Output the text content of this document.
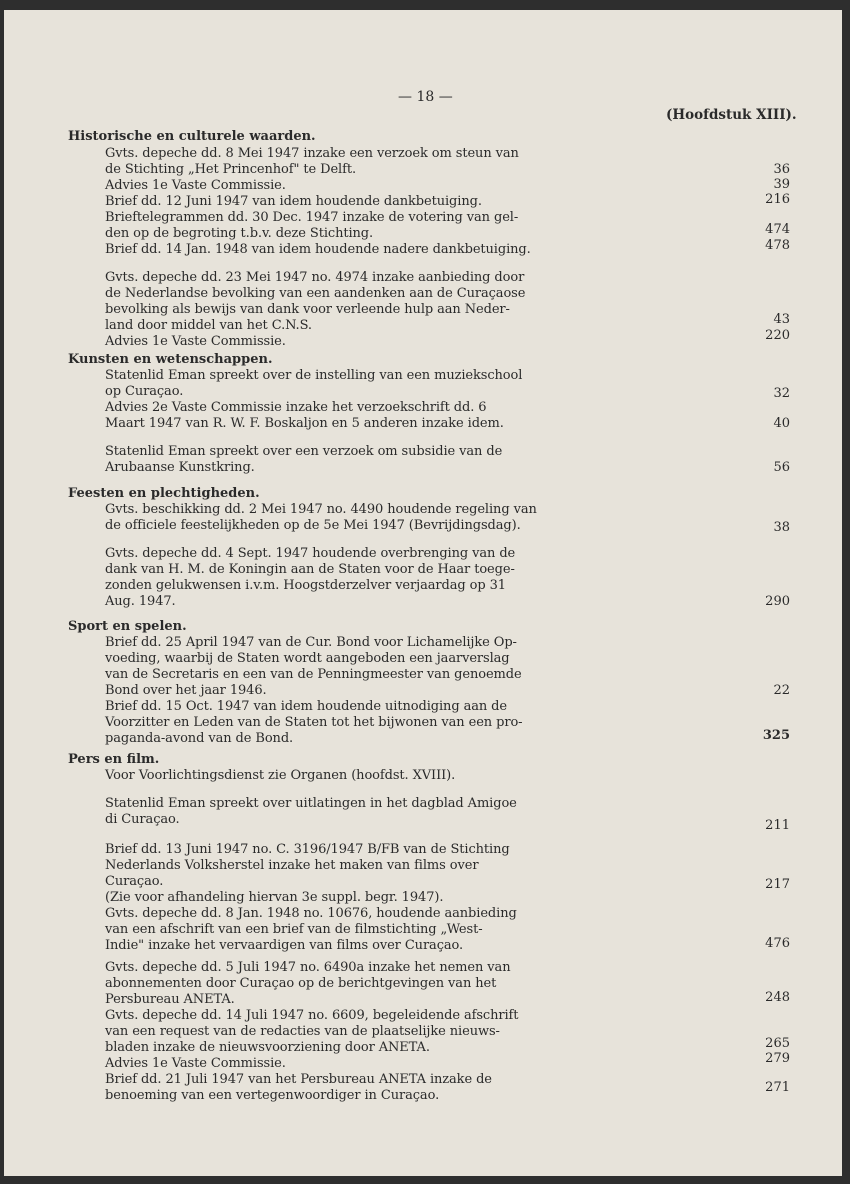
— 18 —
(Hoofdstuk XIII).
Historische en culturele waarden.
Kunsten en wetenschappen.
Feesten en plechtigheden.
Sport en spelen.
Pers en film.
Gvts. depeche dd. 8 Mei 1947 inzake een verzoek om steun van
de Stichting „Het Princenhof" te Delft.
Advies 1e Vaste Commissie.
Brief dd. 12 Juni 1947 van idem houdende dankbetuiging.
Brieftelegrammen dd. 30 Dec. 1947 inzake de votering van gel-
den op de begroting t.b.v. deze Stichting.
Brief dd. 14 Jan. 1948 van idem houdende nadere dankbetuiging.
Gvts. depeche dd. 23 Mei 1947 no. 4974 inzake aanbieding door
de Nederlandse bevolking van een aandenken aan de Curaçaose
bevolking als bewijs van dank voor verleende hulp aan Neder-
land door middel van het C.N.S.
Advies 1e Vaste Commissie.
Statenlid Eman spreekt over de instelling van een muziekschool
op Curaçao.
Advies 2e Vaste Commissie inzake het verzoekschrift dd. 6
Maart 1947 van R. W. F. Boskaljon en 5 anderen inzake idem.
Statenlid Eman spreekt over een verzoek om subsidie van de
Arubaanse Kunstkring.
Gvts. beschikking dd. 2 Mei 1947 no. 4490 houdende regeling van
de officiele feestelijkheden op de 5e Mei 1947 (Bevrijdingsdag).
Gvts. depeche dd. 4 Sept. 1947 houdende overbrenging van de
dank van H. M. de Koningin aan de Staten voor de Haar toege-
zonden gelukwensen i.v.m. Hoogstderzelver verjaardag op 31
Aug. 1947.
Brief dd. 25 April 1947 van de Cur. Bond voor Lichamelijke Op-
voeding, waarbij de Staten wordt aangeboden een jaarverslag
van de Secretaris en een van de Penningmeester van genoemde
Bond over het jaar 1946.
Brief dd. 15 Oct. 1947 van idem houdende uitnodiging aan de
Voorzitter en Leden van de Staten tot het bijwonen van een pro-
paganda-avond van de Bond.
Voor Voorlichtingsdienst zie Organen (hoofdst. XVIII).
Statenlid Eman spreekt over uitlatingen in het dagblad Amigoe
di Curaçao.
Brief dd. 13 Juni 1947 no. C. 3196/1947 B/FB van de Stichting
Nederlands Volksherstel inzake het maken van films over
Curaçao.
(Zie voor afhandeling hiervan 3e suppl. begr. 1947).
Gvts. depeche dd. 8 Jan. 1948 no. 10676, houdende aanbieding
van een afschrift van een brief van de filmstichting „West-
Indie" inzake het vervaardigen van films over Curaçao.
Gvts. depeche dd. 5 Juli 1947 no. 6490a inzake het nemen van
abonnementen door Curaçao op de berichtgevingen van het
Persbureau ANETA.
Gvts. depeche dd. 14 Juli 1947 no. 6609, begeleidende afschrift
van een request van de redacties van de plaatselijke nieuws-
bladen inzake de nieuwsvoorziening door ANETA.
Advies 1e Vaste Commissie.
Brief dd. 21 Juli 1947 van het Persbureau ANETA inzake de
benoeming van een vertegenwoordiger in Curaçao.
36
39
216
474
478
43
220
32
40
56
38
290
22
325
211
217
476
248
265
279
271
